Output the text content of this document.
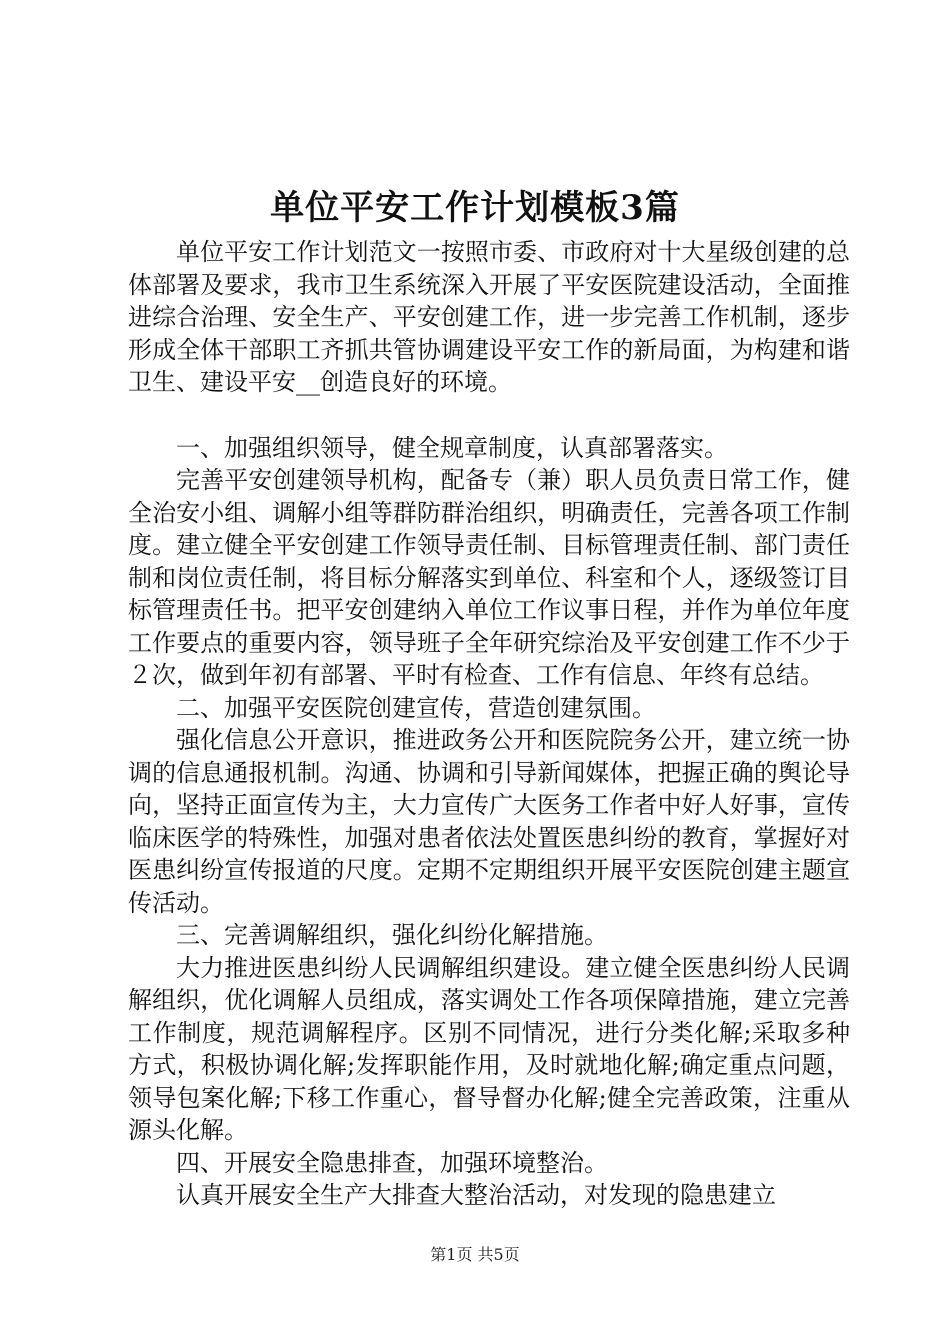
单位平安工作计划模板3篇

单位平安工作计划范文一按照市委、市政府对十大星级创建的总体部署及要求，我市卫生系统深入开展了平安医院建设活动，全面推进综合治理、安全生产、平安创建工作，进一步完善工作机制，逐步形成全体干部职工齐抓共管协调建设平安工作的新局面，为构建和谐卫生、建设平安__创造良好的环境。

一、加强组织领导，健全规章制度，认真部署落实。

完善平安创建领导机构，配备专（兼）职人员负责日常工作，健全治安小组、调解小组等群防群治组织，明确责任，完善各项工作制度。建立健全平安创建工作领导责任制、目标管理责任制、部门责任制和岗位责任制，将目标分解落实到单位、科室和个人，逐级签订目标管理责任书。把平安创建纳入单位工作议事日程，并作为单位年度工作要点的重要内容，领导班子全年研究综治及平安创建工作不少于２次，做到年初有部署、平时有检查、工作有信息、年终有总结。

二、加强平安医院创建宣传，营造创建氛围。

强化信息公开意识，推进政务公开和医院院务公开，建立统一协调的信息通报机制。沟通、协调和引导新闻媒体，把握正确的舆论导向，坚持正面宣传为主，大力宣传广大医务工作者中好人好事，宣传临床医学的特殊性，加强对患者依法处置医患纠纷的教育，掌握好对医患纠纷宣传报道的尺度。定期不定期组织开展平安医院创建主题宣传活动。

三、完善调解组织，强化纠纷化解措施。

大力推进医患纠纷人民调解组织建设。建立健全医患纠纷人民调解组织，优化调解人员组成，落实调处工作各项保障措施，建立完善工作制度，规范调解程序。区别不同情况，进行分类化解;采取多种方式，积极协调化解;发挥职能作用，及时就地化解;确定重点问题，领导包案化解;下移工作重心，督导督办化解;健全完善政策，注重从源头化解。

四、开展安全隐患排查，加强环境整治。

认真开展安全生产大排查大整治活动，对发现的隐患建立

第1页 共5页
